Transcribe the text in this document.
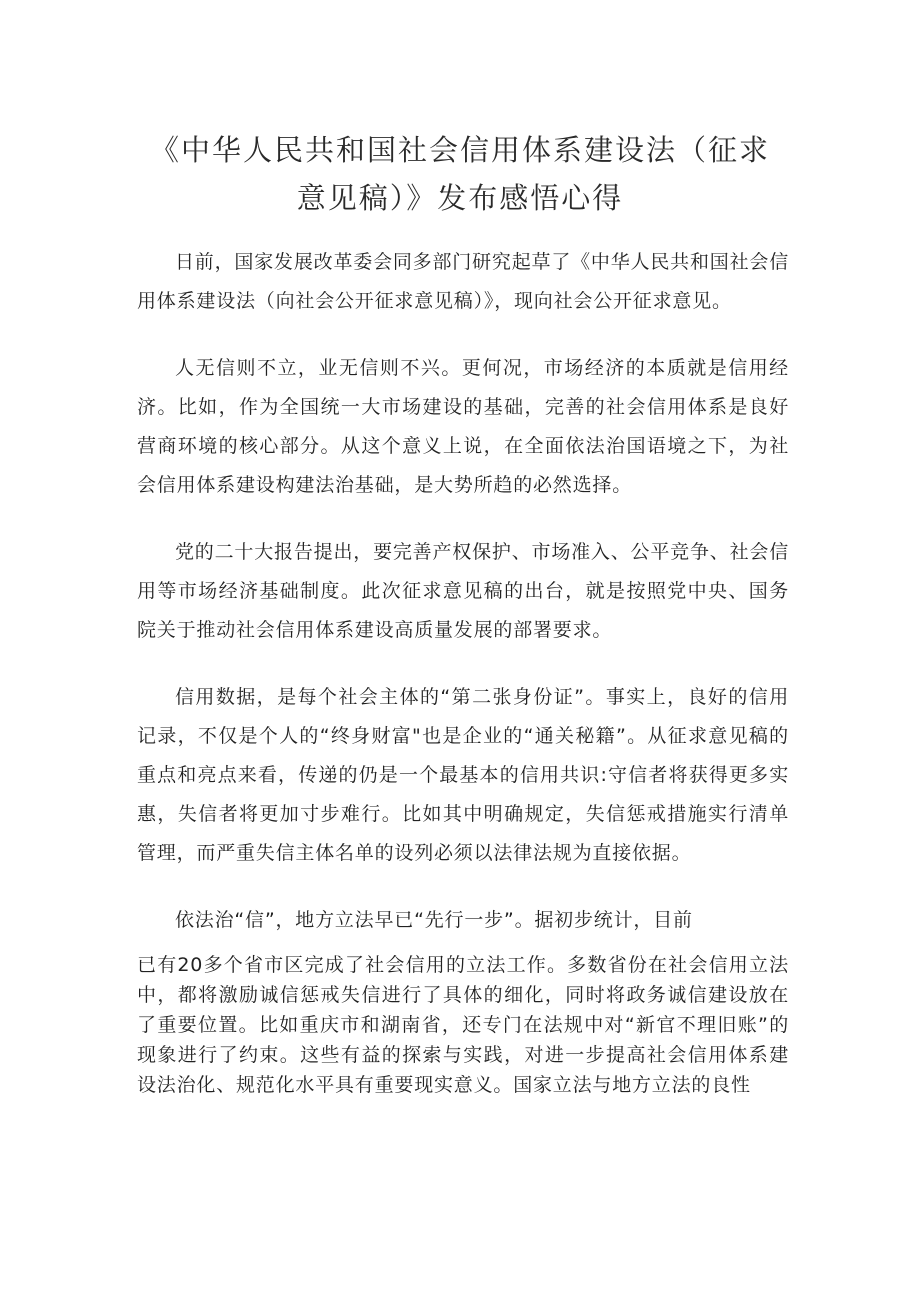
《中华人民共和国社会信用体系建设法（征求意见稿）》发布感悟心得

日前，国家发展改革委会同多部门研究起草了《中华人民共和国社会信用体系建设法（向社会公开征求意见稿）》，现向社会公开征求意见。

人无信则不立，业无信则不兴。更何况，市场经济的本质就是信用经济。比如，作为全国统一大市场建设的基础，完善的社会信用体系是良好营商环境的核心部分。从这个意义上说，在全面依法治国语境之下，为社会信用体系建设构建法治基础，是大势所趋的必然选择。

党的二十大报告提出，要完善产权保护、市场准入、公平竞争、社会信用等市场经济基础制度。此次征求意见稿的出台，就是按照党中央、国务院关于推动社会信用体系建设高质量发展的部署要求。

信用数据，是每个社会主体的“第二张身份证”。事实上，良好的信用记录，不仅是个人的“终身财富"也是企业的“通关秘籍”。从征求意见稿的重点和亮点来看，传递的仍是一个最基本的信用共识:守信者将获得更多实惠，失信者将更加寸步难行。比如其中明确规定，失信惩戒措施实行清单管理，而严重失信主体名单的设列必须以法律法规为直接依据。

依法治“信”，地方立法早已“先行一步”。据初步统计，目前

已有20多个省市区完成了社会信用的立法工作。多数省份在社会信用立法中，都将激励诚信惩戒失信进行了具体的细化，同时将政务诚信建设放在了重要位置。比如重庆市和湖南省，还专门在法规中对“新官不理旧账”的现象进行了约束。这些有益的探索与实践，对进一步提高社会信用体系建设法治化、规范化水平具有重要现实意义。国家立法与地方立法的良性
